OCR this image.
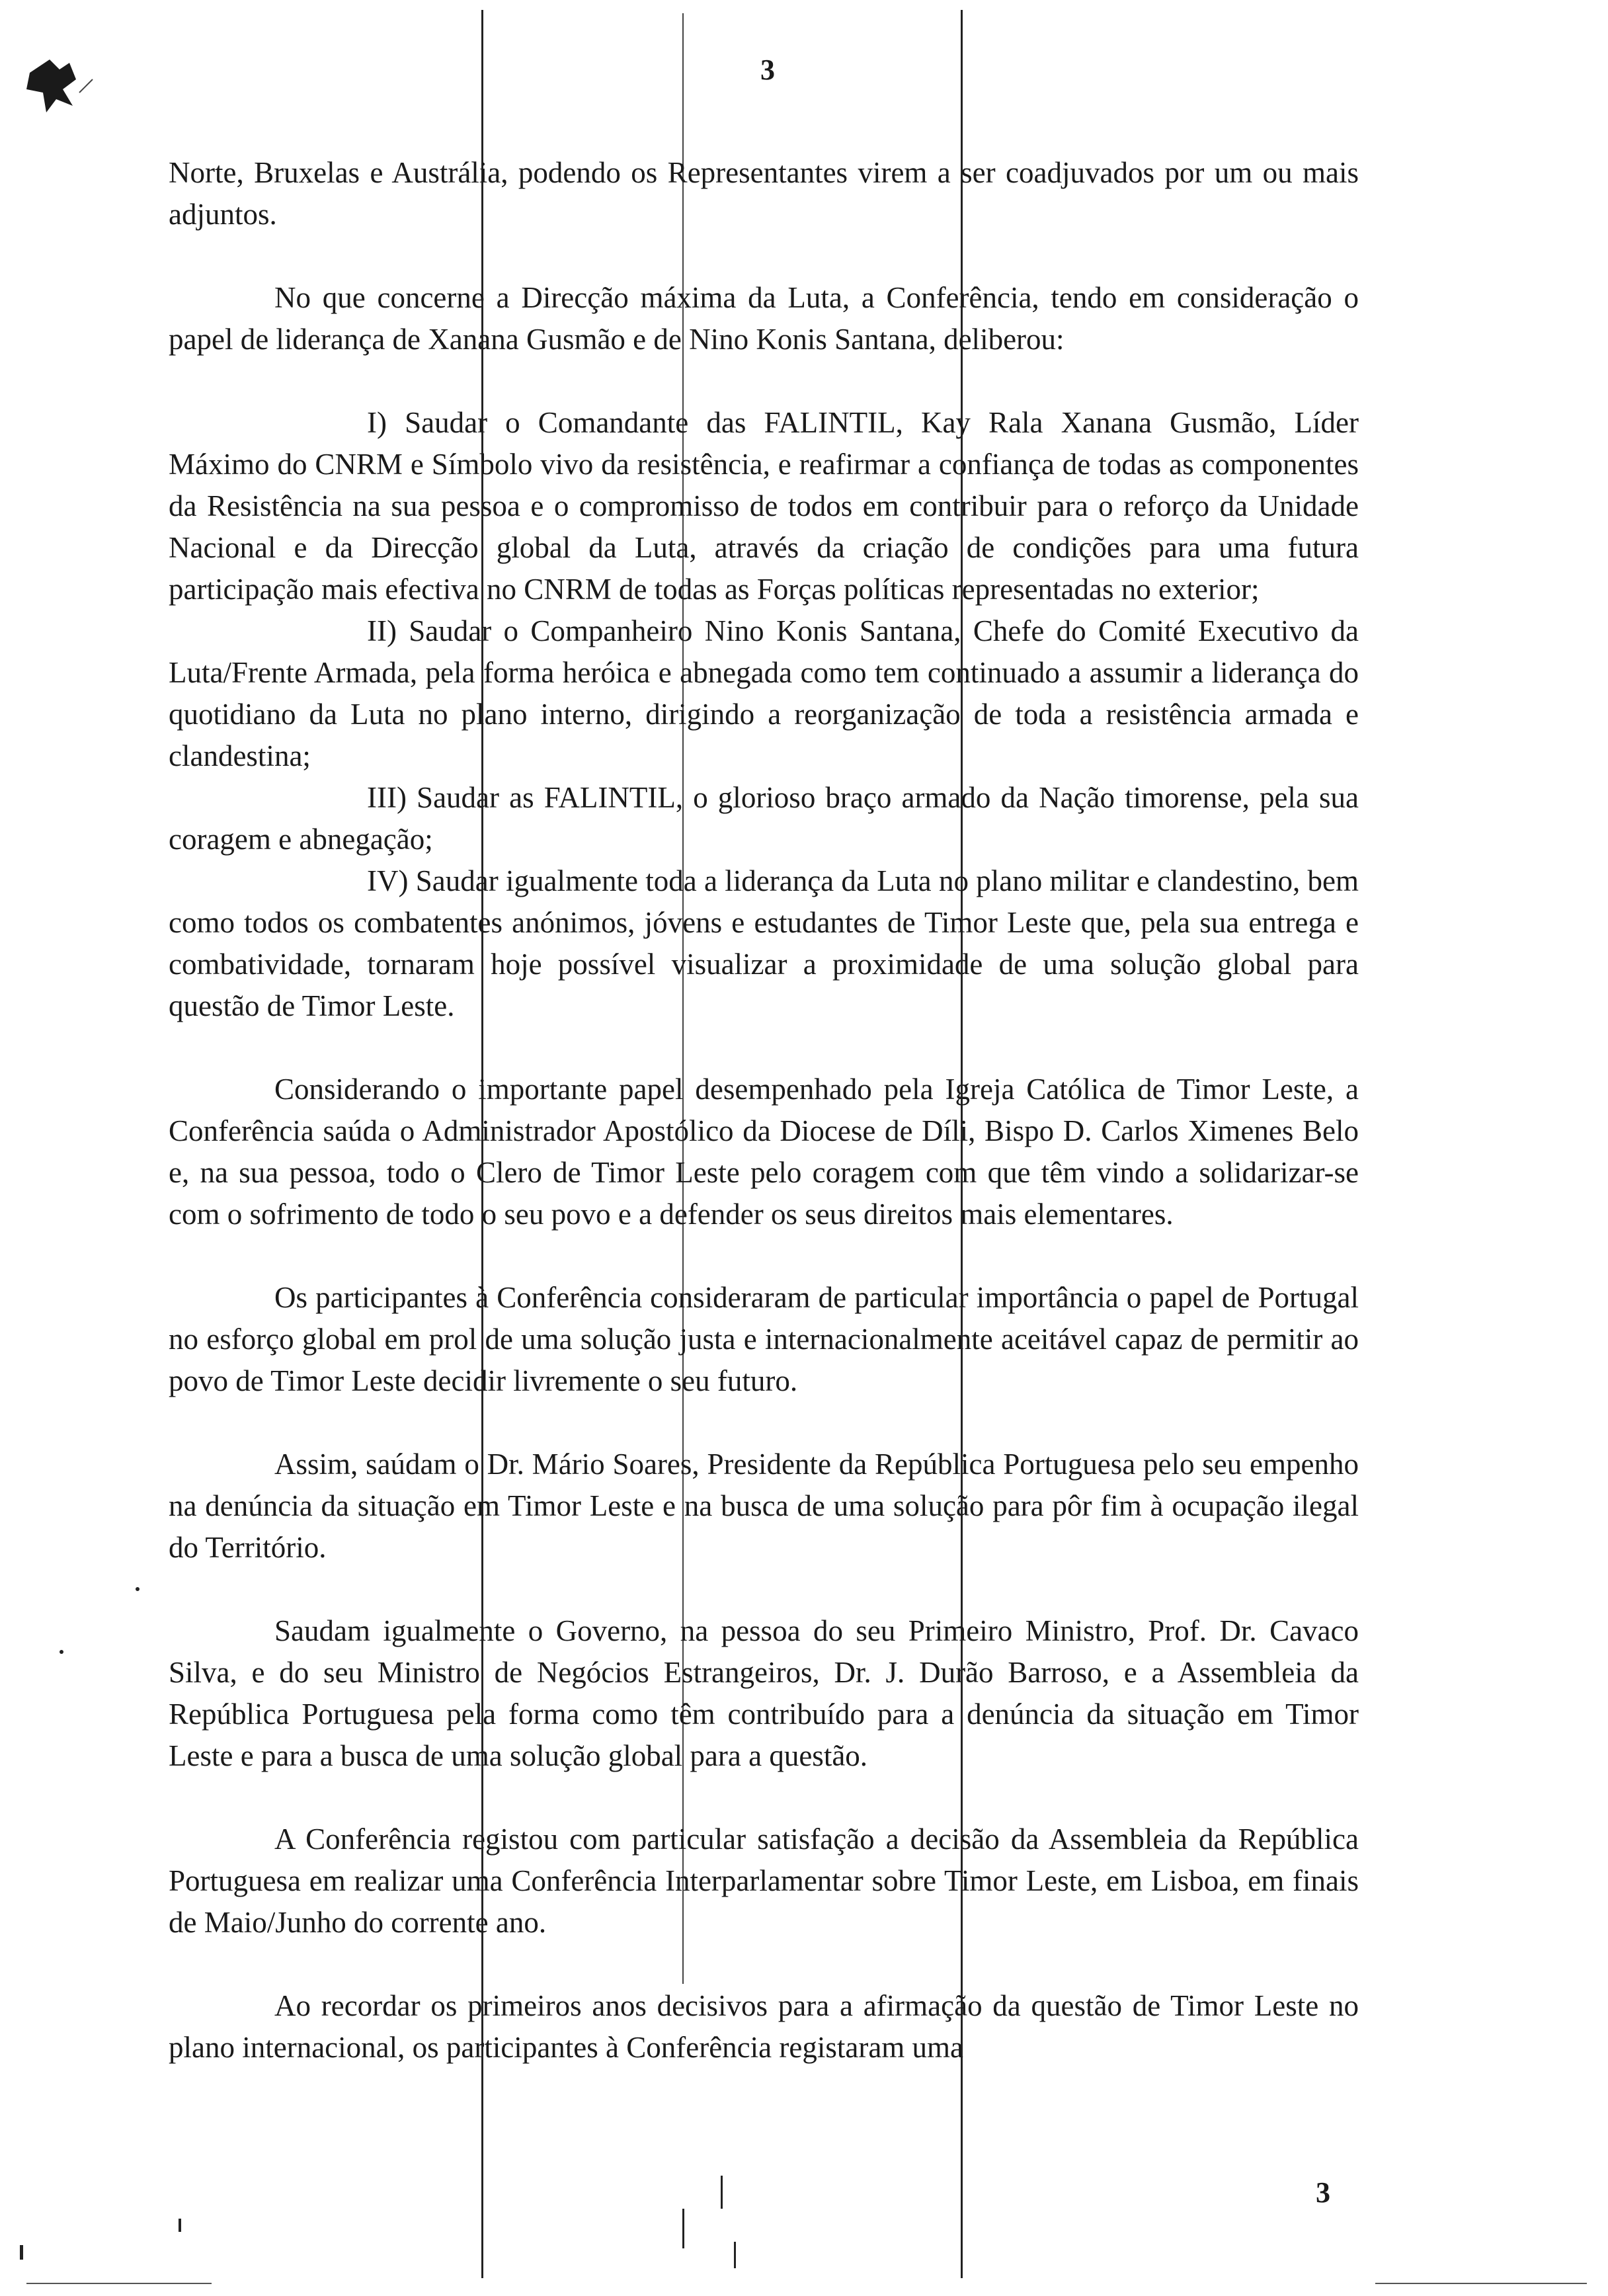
3

Norte, Bruxelas e Austrália, podendo os Representantes virem a ser coadjuvados por um ou mais adjuntos.

No que concerne a Direcção máxima da Luta, a Conferência, tendo em consideração o papel de liderança de Xanana Gusmão e de Nino Konis Santana, deliberou:

I) Saudar o Comandante das FALINTIL, Kay Rala Xanana Gusmão, Líder Máximo do CNRM e Símbolo vivo da resistência, e reafirmar a confiança de todas as componentes da Resistência na sua pessoa e o compromisso de todos em contribuir para o reforço da Unidade Nacional e da Direcção global da Luta, através da criação de condições para uma futura participação mais efectiva no CNRM de todas as Forças políticas representadas no exterior;

II) Saudar o Companheiro Nino Konis Santana, Chefe do Comité Executivo da Luta/Frente Armada, pela forma heróica e abnegada como tem continuado a assumir a liderança do quotidiano da Luta no plano interno, dirigindo a reorganização de toda a resistência armada e clandestina;

III) Saudar as FALINTIL, o glorioso braço armado da Nação timorense, pela sua coragem e abnegação;

IV) Saudar igualmente toda a liderança da Luta no plano militar e clandestino, bem como todos os combatentes anónimos, jóvens e estudantes de Timor Leste que, pela sua entrega e combatividade, tornaram hoje possível visualizar a proximidade de uma solução global para questão de Timor Leste.

Considerando o importante papel desempenhado pela Igreja Católica de Timor Leste, a Conferência saúda o Administrador Apostólico da Diocese de Díli, Bispo D. Carlos Ximenes Belo e, na sua pessoa, todo o Clero de Timor Leste pelo coragem com que têm vindo a solidarizar-se com o sofrimento de todo o seu povo e a defender os seus direitos mais elementares.

Os participantes à Conferência consideraram de particular importância o papel de Portugal no esforço global em prol de uma solução justa e internacionalmente aceitável capaz de permitir ao povo de Timor Leste decidir livremente o seu futuro.

Assim, saúdam o Dr. Mário Soares, Presidente da República Portuguesa pelo seu empenho na denúncia da situação em Timor Leste e na busca de uma solução para pôr fim à ocupação ilegal do Território.

Saudam igualmente o Governo, na pessoa do seu Primeiro Ministro, Prof. Dr. Cavaco Silva, e do seu Ministro de Negócios Estrangeiros, Dr. J. Durão Barroso, e a Assembleia da República Portuguesa pela forma como têm contribuído para a denúncia da situação em Timor Leste e para a busca de uma solução global para a questão.

A Conferência registou com particular satisfação a decisão da Assembleia da República Portuguesa em realizar uma Conferência Interparlamentar sobre Timor Leste, em Lisboa, em finais de Maio/Junho do corrente ano.

Ao recordar os primeiros anos decisivos para a afirmação da questão de Timor Leste no plano internacional, os participantes à Conferência registaram uma

3
